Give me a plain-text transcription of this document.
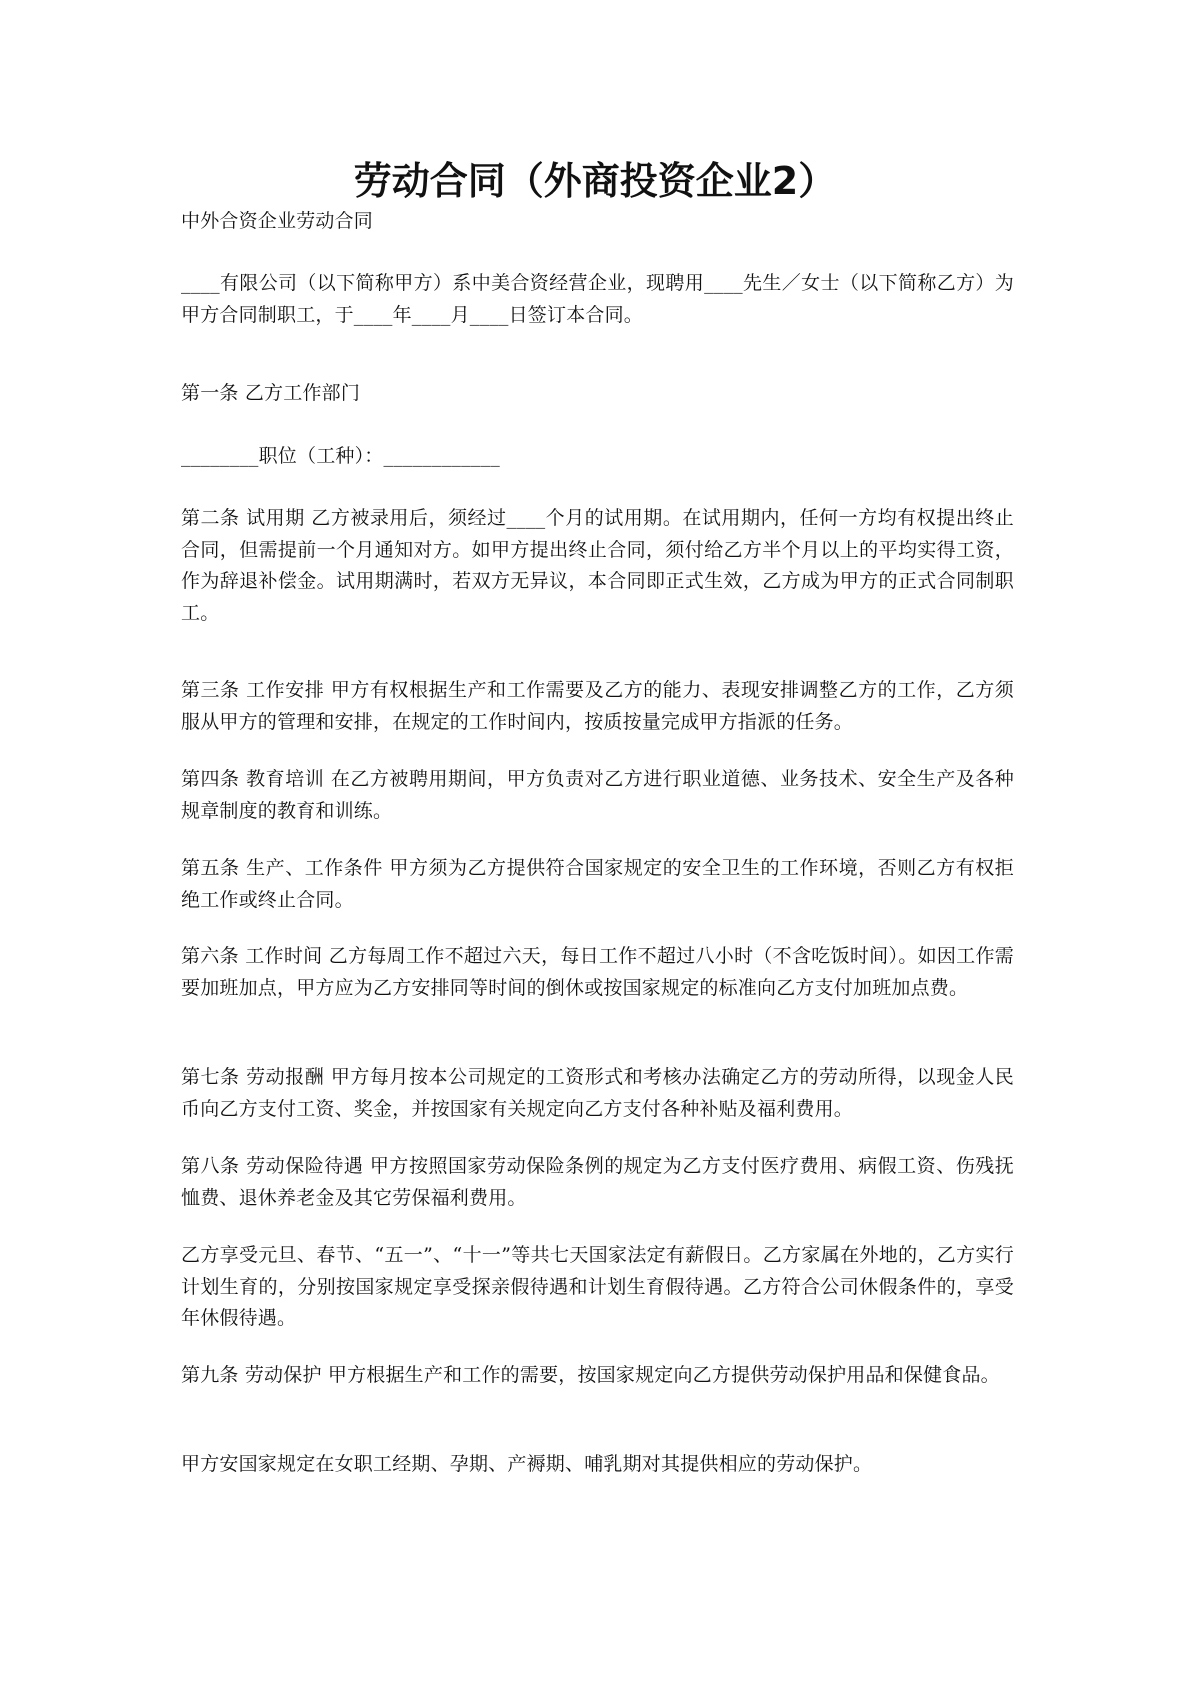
劳动合同（外商投资企业2）
中外合资企业劳动合同
____有限公司（以下简称甲方）系中美合资经营企业，现聘用____先生／女士（以下简称乙方）为甲方合同制职工，于____年____月____日签订本合同。
第一条 乙方工作部门
________职位（工种）：____________
第二条 试用期 乙方被录用后，须经过____个月的试用期。在试用期内，任何一方均有权提出终止合同，但需提前一个月通知对方。如甲方提出终止合同，须付给乙方半个月以上的平均实得工资，作为辞退补偿金。试用期满时，若双方无异议，本合同即正式生效，乙方成为甲方的正式合同制职工。
第三条 工作安排 甲方有权根据生产和工作需要及乙方的能力、表现安排调整乙方的工作，乙方须服从甲方的管理和安排，在规定的工作时间内，按质按量完成甲方指派的任务。
第四条 教育培训 在乙方被聘用期间，甲方负责对乙方进行职业道德、业务技术、安全生产及各种规章制度的教育和训练。
第五条 生产、工作条件 甲方须为乙方提供符合国家规定的安全卫生的工作环境，否则乙方有权拒绝工作或终止合同。
第六条 工作时间 乙方每周工作不超过六天，每日工作不超过八小时（不含吃饭时间）。如因工作需要加班加点，甲方应为乙方安排同等时间的倒休或按国家规定的标准向乙方支付加班加点费。
第七条 劳动报酬 甲方每月按本公司规定的工资形式和考核办法确定乙方的劳动所得，以现金人民币向乙方支付工资、奖金，并按国家有关规定向乙方支付各种补贴及福利费用。
第八条 劳动保险待遇 甲方按照国家劳动保险条例的规定为乙方支付医疗费用、病假工资、伤残抚恤费、退休养老金及其它劳保福利费用。
乙方享受元旦、春节、“五一”、“十一”等共七天国家法定有薪假日。乙方家属在外地的，乙方实行计划生育的，分别按国家规定享受探亲假待遇和计划生育假待遇。乙方符合公司休假条件的，享受年休假待遇。
第九条 劳动保护 甲方根据生产和工作的需要，按国家规定向乙方提供劳动保护用品和保健食品。
甲方安国家规定在女职工经期、孕期、产褥期、哺乳期对其提供相应的劳动保护。
